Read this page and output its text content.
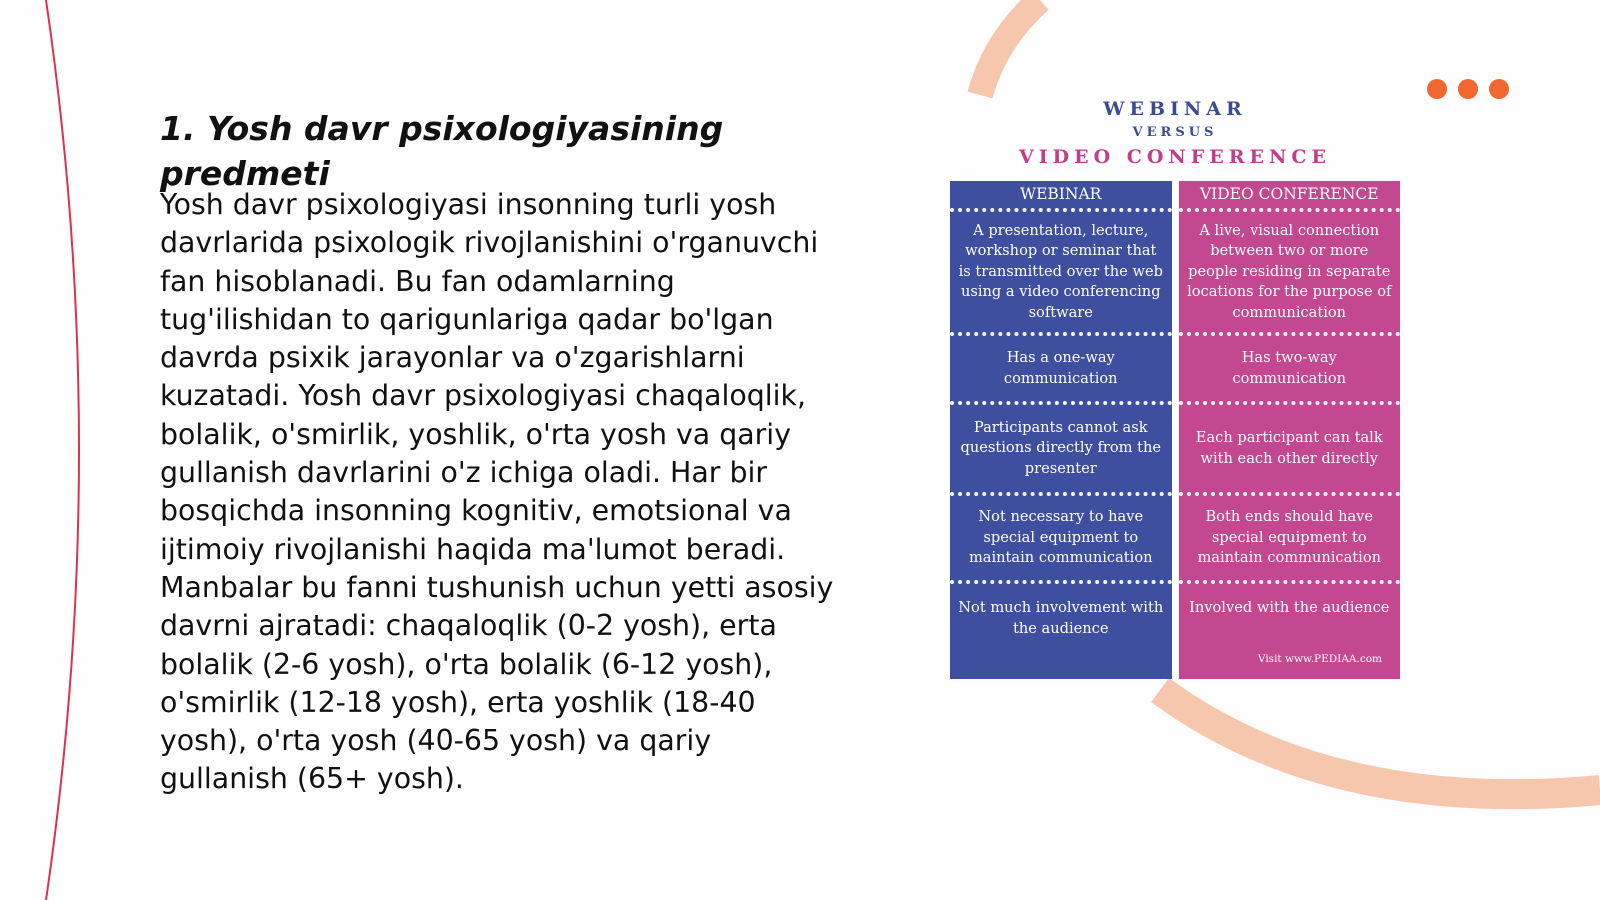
1. Yosh davr psixologiyasining predmeti

Yosh davr psixologiyasi insonning turli yosh davrlarida psixologik rivojlanishini o'rganuvchi fan hisoblanadi. Bu fan odamlarning tug'ilishidan to qarigunlariga qadar bo'lgan davrda psixik jarayonlar va o'zgarishlarni kuzatadi. Yosh davr psixologiyasi chaqaloqlik, bolalik, o'smirlik, yoshlik, o'rta yosh va qariy gullanish davrlarini o'z ichiga oladi. Har bir bosqichda insonning kognitiv, emotsional va ijtimoiy rivojlanishi haqida ma'lumot beradi. Manbalar bu fanni tushunish uchun yetti asosiy davrni ajratadi: chaqaloqlik (0-2 yosh), erta bolalik (2-6 yosh), o'rta bolalik (6-12 yosh), o'smirlik (12-18 yosh), erta yoshlik (18-40 yosh), o'rta yosh (40-65 yosh) va qariy gullanish (65+ yosh).

WEBINAR
VERSUS
VIDEO CONFERENCE
WEBINAR
A presentation, lecture, workshop or seminar that is transmitted over the web using a video conferencing software
Has a one-way communication
Participants cannot ask questions directly from the presenter
Not necessary to have special equipment to maintain communication
Not much involvement with the audience
VIDEO CONFERENCE
A live, visual connection between two or more people residing in separate locations for the purpose of communication
Has two-way communication
Each participant can talk with each other directly
Both ends should have special equipment to maintain communication
Involved with the audience
Visit www.PEDIAA.com
